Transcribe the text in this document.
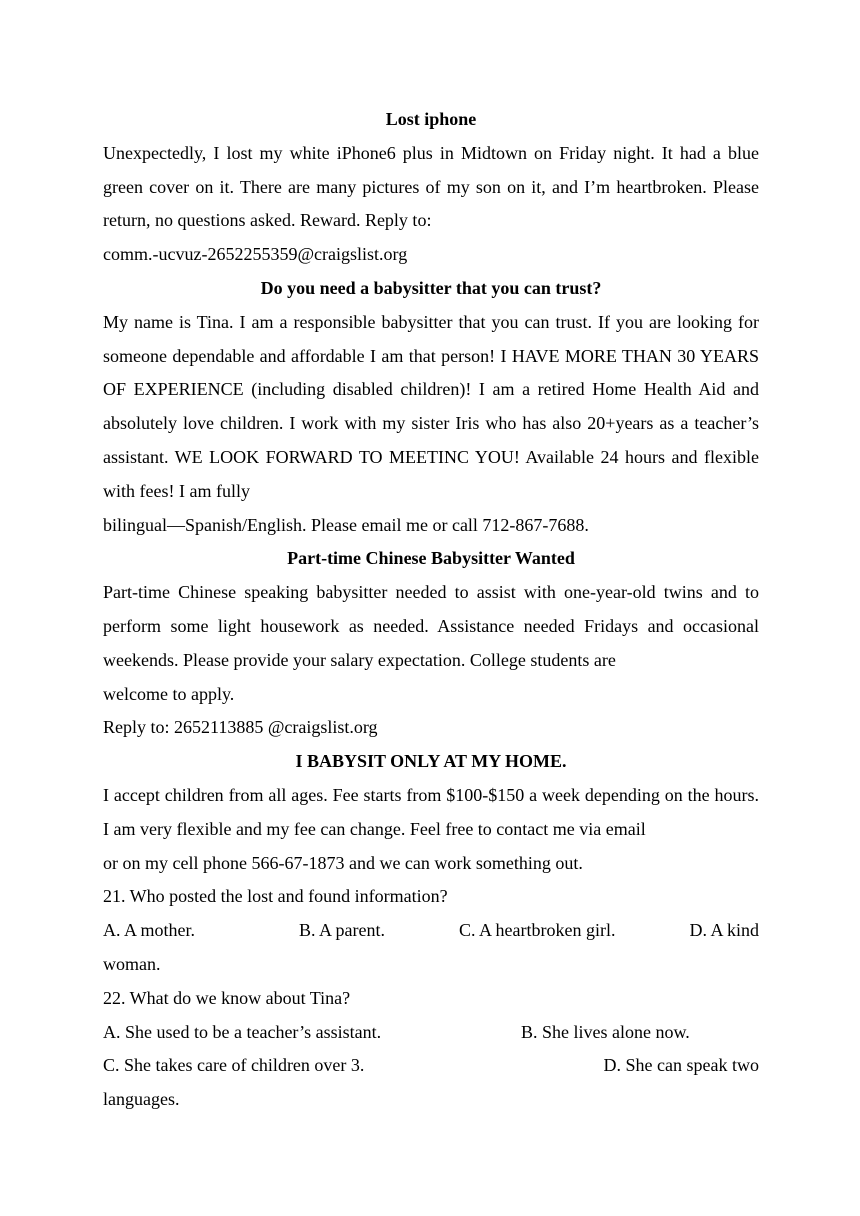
Lost iphone
Unexpectedly, I lost my white iPhone6 plus in Midtown on Friday night. It had a blue green cover on it. There are many pictures of my son on it, and I’m heartbroken. Please return, no questions asked. Reward. Reply to:
comm.-ucvuz-2652255359@craigslist.org
Do you need a babysitter that you can trust?
My name is Tina. I am a responsible babysitter that you can trust. If you are looking for someone dependable and affordable I am that person! I HAVE MORE THAN 30 YEARS OF EXPERIENCE (including disabled children)! I am a retired Home Health Aid and absolutely love children. I work with my sister Iris who has also 20+years as a teacher’s assistant. WE LOOK FORWARD TO MEETINC YOU! Available 24 hours and flexible with fees! I am fully
bilingual—Spanish/English. Please email me or call 712-867-7688.
Part-time Chinese Babysitter Wanted
Part-time Chinese speaking babysitter needed to assist with one-year-old twins and to perform some light housework as needed. Assistance needed Fridays and occasional weekends. Please provide your salary expectation. College students are
welcome to apply.
Reply to: 2652113885 @craigslist.org
I BABYSIT ONLY AT MY HOME.
I accept children from all ages. Fee starts from $100-$150 a week depending on the hours. I am very flexible and my fee can change. Feel free to contact me via email
or on my cell phone 566-67-1873 and we can work something out.
21. Who posted the lost and found information?
A. A mother.	B. A parent.	C. A heartbroken girl.	D. A kind
woman.
22. What do we know about Tina?
A. She used to be a teacher’s assistant.	B. She lives alone now.
C. She takes care of children over 3.	D. She can speak two
languages.
